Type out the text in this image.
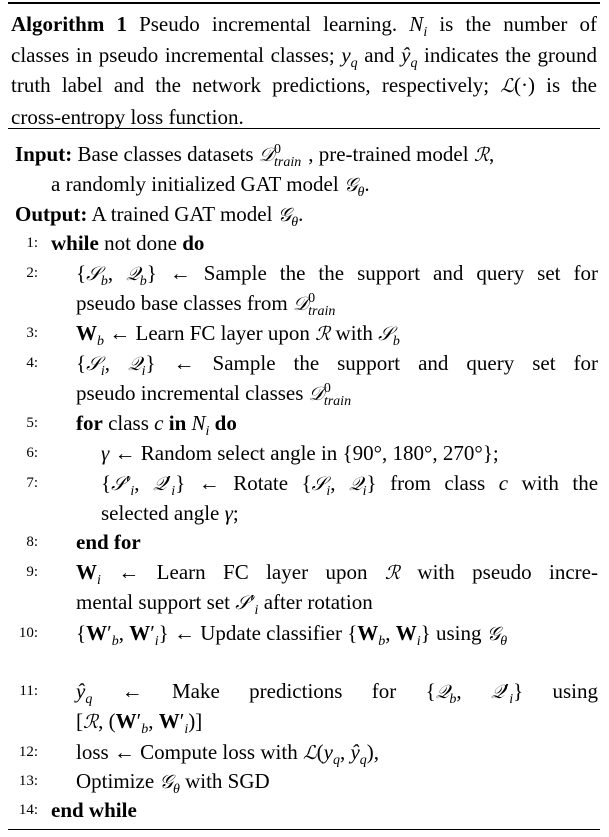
Algorithm 1 Pseudo incremental learning. $N_i$ is the number of classes in pseudo incremental classes; $y_q$ and $ŷ_q$ indicates the ground truth label and the network predictions, respectively; ℒ(·) is the cross-entropy loss function.
Input: Base classes datasets 𝒟$^0_{train}$ , pre-trained model ℛ,
a randomly initialized GAT model 𝒢$_\theta$.
Output: A trained GAT model 𝒢$_\theta$.
1: while not done do
2: {𝒮$_b$, 𝒬$_b$} ← Sample the the support and query set for
pseudo base classes from 𝒟$^0_{train}$
3: $W_b$ ← Learn FC layer upon ℛ with 𝒮$_b$
4: {𝒮$_i$, 𝒬$_i$} ← Sample the support and query set for
pseudo incremental classes 𝒟$^0_{train}$
5: for class c in $N_i$ do
6:	γ ← Random select angle in {90°, 180°, 270°};
7:	{$𝒮'_i$, $𝒬'_i$} ← Rotate {𝒮$_i$, 𝒬$_i$} from class c with the
selected angle γ;
8: end for
9: $W_i$ ← Learn FC layer upon ℛ with pseudo incre-
mental support set $𝒮'_i$ after rotation
10: {$W'_b$, $W'_i$} ← Update classifier {$W_b$, $W_i$} using 𝒢$_\theta$
11: $ŷ_q$ ← Make predictions for {𝒬$_b$, $𝒬'_i$} using
[ℛ, ($W'_b$, $W'_i$)]
12: loss ← Compute loss with $ℒ(y_q$, $ŷ_q$),
13: Optimize 𝒢$_\theta$ with SGD
14: end while
